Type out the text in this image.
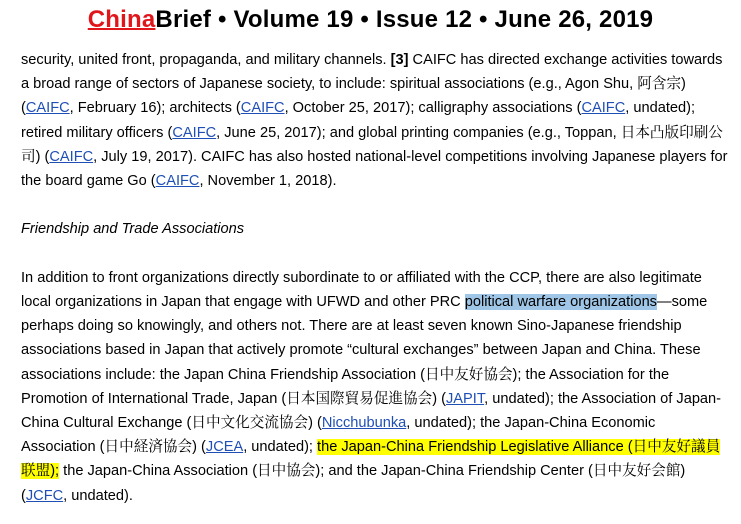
ChinaBrief • Volume 19 • Issue 12 • June 26, 2019

security, united front, propaganda, and military channels. [3] CAIFC has directed exchange activities towards a broad range of sectors of Japanese society, to include: spiritual associations (e.g., Agon Shu, 阿含宗) (CAIFC, February 16); architects (CAIFC, October 25, 2017); calligraphy associations (CAIFC, undated); retired military officers (CAIFC, June 25, 2017); and global printing companies (e.g., Toppan, 日本凸版印刷公司) (CAIFC, July 19, 2017). CAIFC has also hosted national-level competitions involving Japanese players for the board game Go (CAIFC, November 1, 2018).

Friendship and Trade Associations

In addition to front organizations directly subordinate to or affiliated with the CCP, there are also legitimate local organizations in Japan that engage with UFWD and other PRC political warfare organizations—some perhaps doing so knowingly, and others not. There are at least seven known Sino-Japanese friendship associations based in Japan that actively promote “cultural exchanges” between Japan and China. These associations include: the Japan China Friendship Association (日中友好協会); the Association for the Promotion of International Trade, Japan (日本国際貿易促進協会) (JAPIT, undated); the Association of Japan-China Cultural Exchange (日中文化交流協会) (Nicchubunka, undated); the Japan-China Economic Association (日中経済協会) (JCEA, undated); the Japan-China Friendship Legislative Alliance (日中友好議員联盟); the Japan-China Association (日中協会); and the Japan-China Friendship Center (日中友好会館) (JCFC, undated).
